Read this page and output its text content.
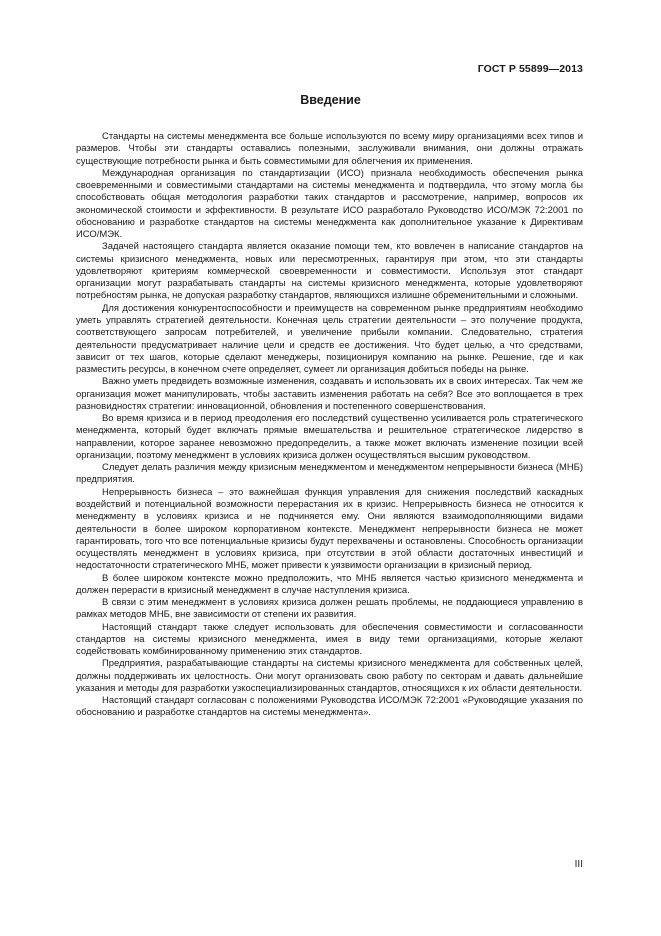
ГОСТ Р 55899—2013
Введение

Стандарты на системы менеджмента все больше используются по всему миру организациями всех типов и размеров. Чтобы эти стандарты оставались полезными, заслуживали внимания, они должны отражать существующие потребности рынка и быть совместимыми для облегчения их применения.

Международная организация по стандартизации (ИСО) признала необходимость обеспечения рынка своевременными и совместимыми стандартами на системы менеджмента и подтвердила, что этому могла бы способствовать общая методология разработки таких стандартов и рассмотрение, например, вопросов их экономической стоимости и эффективности. В результате ИСО разработало Руководство ИСО/МЭК 72:2001 по обоснованию и разработке стандартов на системы менеджмента как дополнительное указание к Директивам ИСО/МЭК.

Задачей настоящего стандарта является оказание помощи тем, кто вовлечен в написание стандартов на системы кризисного менеджмента, новых или пересмотренных, гарантируя при этом, что эти стандарты удовлетворяют критериям коммерческой своевременности и совместимости. Используя этот стандарт организации могут разрабатывать стандарты на системы кризисного менеджмента, которые удовлетворяют потребностям рынка, не допуская разработку стандартов, являющихся излишне обременительными и сложными.

Для достижения конкурентоспособности и преимуществ на современном рынке предприятиям необходимо уметь управлять стратегией деятельности. Конечная цель стратегии деятельности – это получение продукта, соответствующего запросам потребителей, и увеличение прибыли компании. Следовательно, стратегия деятельности предусматривает наличие цели и средств ее достижения. Что будет целью, а что средствами, зависит от тех шагов, которые сделают менеджеры, позиционируя компанию на рынке. Решение, где и как разместить ресурсы, в конечном счете определяет, сумеет ли организация добиться победы на рынке.

Важно уметь предвидеть возможные изменения, создавать и использовать их в своих интересах. Так чем же организация может манипулировать, чтобы заставить изменения работать на себя? Все это воплощается в трех разновидностях стратегии: инновационной, обновления и постепенного совершенствования.

Во время кризиса и в период преодоления его последствий существенно усиливается роль стратегического менеджмента, который будет включать прямые вмешательства и решительное стратегическое лидерство в направлении, которое заранее невозможно предопределить, а также может включать изменение позиции всей организации, поэтому менеджмент в условиях кризиса должен осуществляться высшим руководством.

Следует делать различия между кризисным менеджментом и менеджментом непрерывности бизнеса (МНБ) предприятия.

Непрерывность бизнеса – это важнейшая функция управления для снижения последствий каскадных воздействий и потенциальной возможности перерастания их в кризис. Непрерывность бизнеса не относится к менеджменту в условиях кризиса и не подчиняется ему. Они являются взаимодополняющими видами деятельности в более широком корпоративном контексте. Менеджмент непрерывности бизнеса не может гарантировать, того что все потенциальные кризисы будут перехвачены и остановлены. Способность организации осуществлять менеджмент в условиях кризиса, при отсутствии в этой области достаточных инвестиций и недостаточности стратегического МНБ, может привести к уязвимости организации в кризисный период.

В более широком контексте можно предположить, что МНБ является частью кризисного менеджмента и должен перерасти в кризисный менеджмент в случае наступления кризиса.

В связи с этим менеджмент в условиях кризиса должен решать проблемы, не поддающиеся управлению в рамках методов МНБ, вне зависимости от степени их развития.

Настоящий стандарт также следует использовать для обеспечения совместимости и согласованности стандартов на системы кризисного менеджмента, имея в виду теми организациями, которые желают содействовать комбинированному применению этих стандартов.

Предприятия, разрабатывающие стандарты на системы кризисного менеджмента для собственных целей, должны поддерживать их целостность. Они могут организовать свою работу по секторам и давать дальнейшие указания и методы для разработки узкоспециализированных стандартов, относящихся к их области деятельности.

Настоящий стандарт согласован с положениями Руководства ИСО/МЭК 72:2001 «Руководящие указания по обоснованию и разработке стандартов на системы менеджмента».

III
